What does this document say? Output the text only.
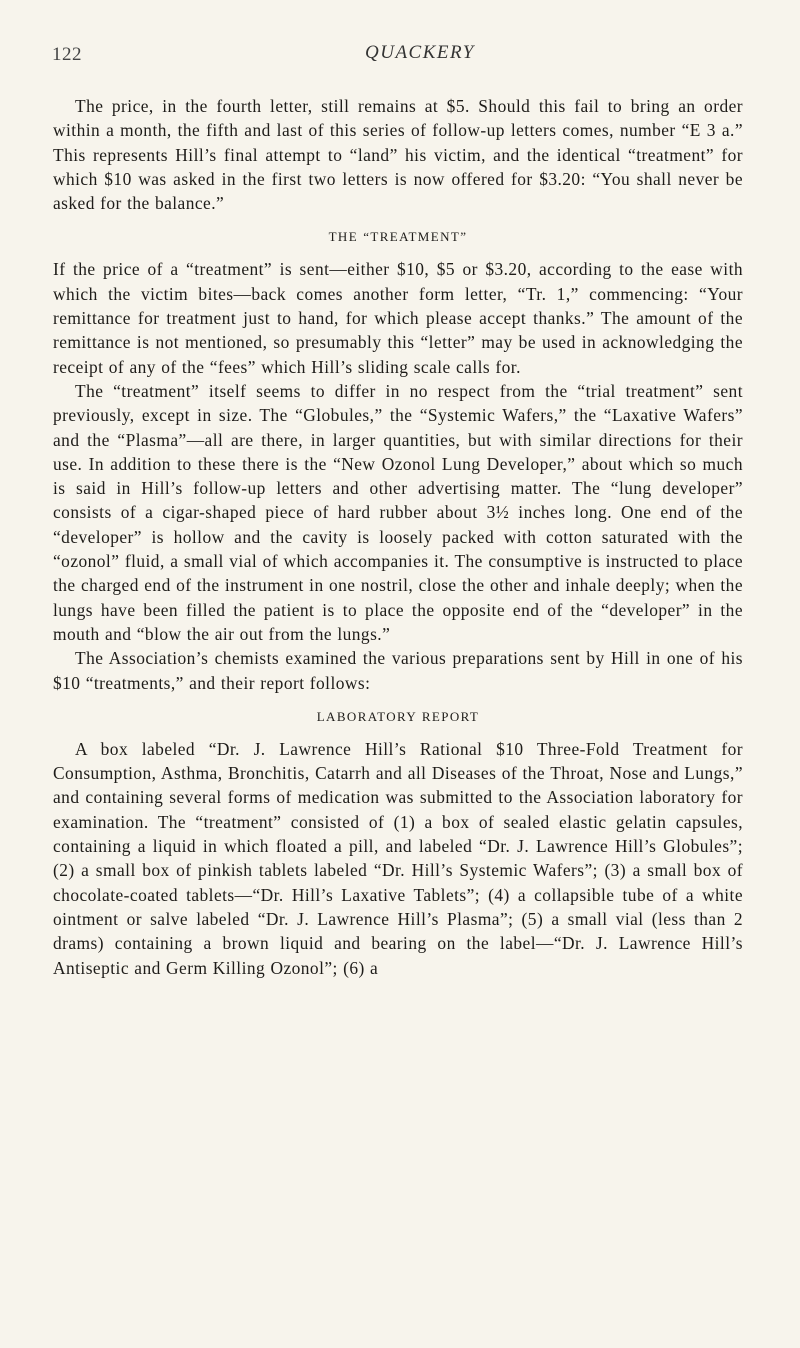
122	QUACKERY

The price, in the fourth letter, still remains at $5. Should this fail to bring an order within a month, the fifth and last of this series of follow-up letters comes, number “E 3 a.” This represents Hill’s final attempt to “land” his victim, and the identical “treatment” for which $10 was asked in the first two letters is now offered for $3.20: “You shall never be asked for the balance.”

THE “TREATMENT”

If the price of a “treatment” is sent—either $10, $5 or $3.20, according to the ease with which the victim bites—back comes another form letter, “Tr. 1,” commencing: “Your remittance for treatment just to hand, for which please accept thanks.” The amount of the remittance is not mentioned, so presumably this “letter” may be used in acknowledging the receipt of any of the “fees” which Hill’s sliding scale calls for.

The “treatment” itself seems to differ in no respect from the “trial treatment” sent previously, except in size. The “Globules,” the “Systemic Wafers,” the “Laxative Wafers” and the “Plasma”—all are there, in larger quantities, but with similar directions for their use. In addition to these there is the “New Ozonol Lung Developer,” about which so much is said in Hill’s follow-up letters and other advertising matter. The “lung developer” consists of a cigar-shaped piece of hard rubber about 3½ inches long. One end of the “developer” is hollow and the cavity is loosely packed with cotton saturated with the “ozonol” fluid, a small vial of which accompanies it. The consumptive is instructed to place the charged end of the instrument in one nostril, close the other and inhale deeply; when the lungs have been filled the patient is to place the opposite end of the “developer” in the mouth and “blow the air out from the lungs.”

The Association’s chemists examined the various preparations sent by Hill in one of his $10 “treatments,” and their report follows:

LABORATORY REPORT

A box labeled “Dr. J. Lawrence Hill’s Rational $10 Three-Fold Treatment for Consumption, Asthma, Bronchitis, Catarrh and all Diseases of the Throat, Nose and Lungs,” and containing several forms of medication was submitted to the Association laboratory for examination. The “treatment” consisted of (1) a box of sealed elastic gelatin capsules, containing a liquid in which floated a pill, and labeled “Dr. J. Lawrence Hill’s Globules”; (2) a small box of pinkish tablets labeled “Dr. Hill’s Systemic Wafers”; (3) a small box of chocolate-coated tablets—“Dr. Hill’s Laxative Tablets”; (4) a collapsible tube of a white ointment or salve labeled “Dr. J. Lawrence Hill’s Plasma”; (5) a small vial (less than 2 drams) containing a brown liquid and bearing on the label—“Dr. J. Lawrence Hill’s Antiseptic and Germ Killing Ozonol”; (6) a
